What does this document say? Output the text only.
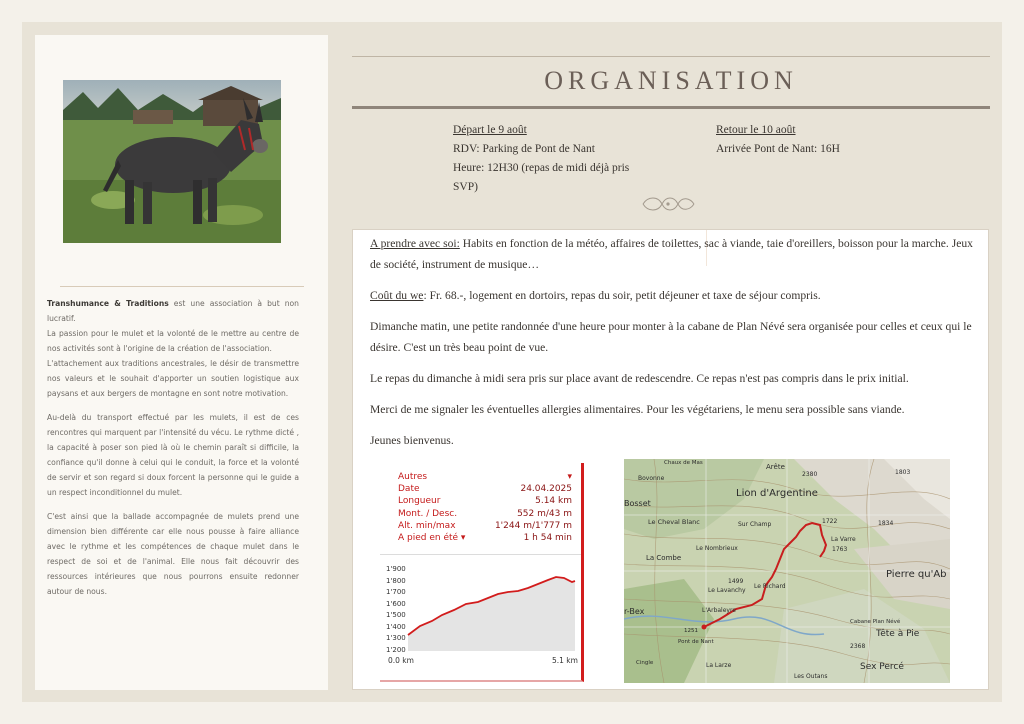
Transhumance & Traditions est une association à but non lucratif.
La passion pour le mulet et la volonté de le mettre au centre de nos activités sont à l'origine de la création de l'association.
L'attachement aux traditions ancestrales, le désir de transmettre nos valeurs et le souhait d'apporter un soutien logistique aux paysans et aux bergers de montagne en sont notre motivation.

Au-delà du transport effectué par les mulets, il est de ces rencontres qui marquent par l'intensité du vécu. Le rythme dicté , la capacité à poser son pied là où le chemin paraît si difficile, la confiance qu'il donne à celui qui le conduit, la force et la volonté de servir et son regard si doux forcent la personne qui le guide a un respect inconditionnel du mulet.

C'est ainsi que la ballade accompagnée de mulets prend une dimension bien différente car elle nous pousse à faire alliance avec le rythme et les compétences de chaque mulet dans le respect de soi et de l'animal. Elle nous fait découvrir des ressources intérieures que nous pourrons ensuite redonner autour de nous.

ORGANISATION
Départ le 9 août
RDV: Parking de Pont de Nant
Heure: 12H30 (repas de midi déjà pris SVP)
Retour le 10 août
Arrivée Pont de Nant: 16H

A prendre avec soi: Habits en fonction de la météo, affaires de toilettes, sac à viande, taie d'oreillers, boisson pour la marche. Jeux de société, instrument de musique…

Coût du we: Fr. 68.-, logement en dortoirs, repas du soir, petit déjeuner et taxe de séjour compris.

Dimanche matin, une petite randonnée d'une heure pour monter à la cabane de Plan Névé sera organisée pour celles et ceux qui le désire. C'est un très beau point de vue.

Le repas du dimanche à midi sera pris sur place avant de redescendre. Ce repas n'est pas compris dans le prix initial.

Merci de me signaler les éventuelles allergies alimentaires. Pour les végétariens, le menu sera possible sans viande.

Jeunes bienvenus.

Autres	▾
Date	24.04.2025
Longueur	5.14 km
Mont. / Desc.	552 m/43 m
Alt. min/max	1'244 m/1'777 m
A pied en été ▾	1 h 54 min
1'900
1'800
1'700
1'600
1'500
1'400
1'300
1'200
0.0 km	5.1 km
Bovonne
Chaux de Mas	Arête
2380	1803
Lion d'Argentine
Bosset
Le Cheval Blanc	Sur Champ	1722	1834
La Varre
1763
Le Nombrieux
La Combe
Pierre qu'Ab
Le Lavanchy
Le Richard
1499
L'Arbaleyre
r-Bex
Pont de Nant
1251
Cabane Plan Névé
Tête à Pie
2368
La Larze	Sex Percé
Les Outans
Cingle
